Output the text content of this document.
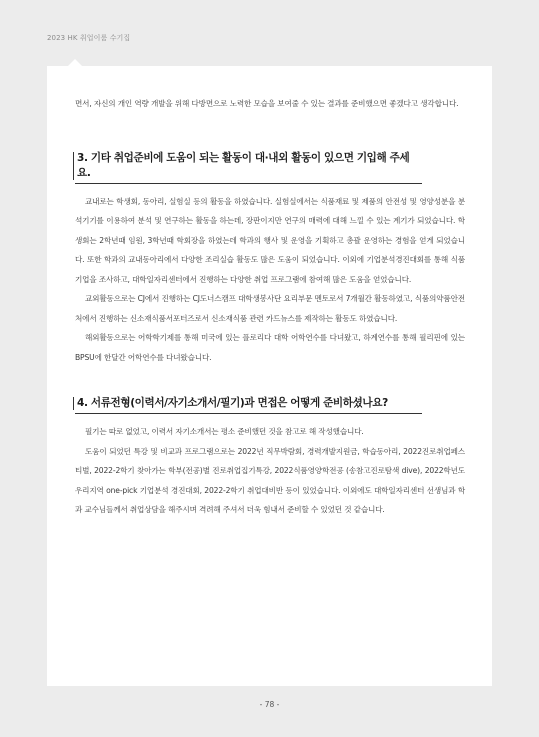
2023 HK 취업이룸 수기집

면서, 자신의 개인 역량 개발을 위해 다방면으로 노력한 모습을 보여줄 수 있는 결과를 준비했으면 좋겠다고 생각합니다.

3. 기타 취업준비에 도움이 되는 활동이 대·내외 활동이 있으면 기입해 주세요.

교내로는 학생회, 동아리, 실험실 등의 활동을 하였습니다. 실험실에서는 식품재료 및 제품의 안전성 및 영양성분을 분석기기를 이용하여 분석 및 연구하는 활동을 하는데, 장판이지만 연구의 매력에 대해 느낄 수 있는 계기가 되었습니다. 학생회는 2학년때 임원, 3학년때 학회장을 하였는데 학과의 행사 및 운영을 기획하고 총괄 운영하는 경험을 얻게 되었습니다. 또한 학과의 교내동아리에서 다양한 조리실습 활동도 많은 도움이 되었습니다. 이외에 기업분석경진대회를 통해 식품기업을 조사하고, 대학일자리센터에서 진행하는 다양한 취업 프로그램에 참여해 많은 도움을 얻었습니다.

교외활동으로는 CJ에서 진행하는 CJ도너스캠프 대학생봉사단 요리부문 멘토로서 7개월간 활동하였고, 식품의약품안전처에서 진행하는 신소재식품서포터즈로서 신소재식품 관련 카드뉴스를 제작하는 활동도 하였습니다.

해외활동으로는 어학학기제를 통해 미국에 있는 플로리다 대학 어학연수를 다녀왔고, 하계연수를 통해 필리핀에 있는 BPSU에 한달간 어학연수를 다녀왔습니다.

4. 서류전형(이력서/자기소개서/필기)과 면접은 어떻게 준비하셨나요?

필기는 따로 없었고, 이력서 자기소개서는 평소 준비했던 것을 참고로 해 작성했습니다.

도움이 되었던 특강 및 비교과 프로그램으로는 2022년 직무박람회, 경력개발지원금, 학습동아리, 2022진로취업페스티벌, 2022-2학기 찾아가는 학부(전공)별 진로취업집기특강, 2022식품영양학전공 (송참고진로탐색 dive), 2022학년도 우리지역 one-pick 기업분석 경진대회, 2022-2학기 취업대비반 등이 있었습니다. 이외에도 대학일자리센터 선생님과 학과 교수님들께서 취업상담을 해주시며 격려해 주셔서 더욱 힘내서 준비할 수 있었던 것 같습니다.

- 78 -
